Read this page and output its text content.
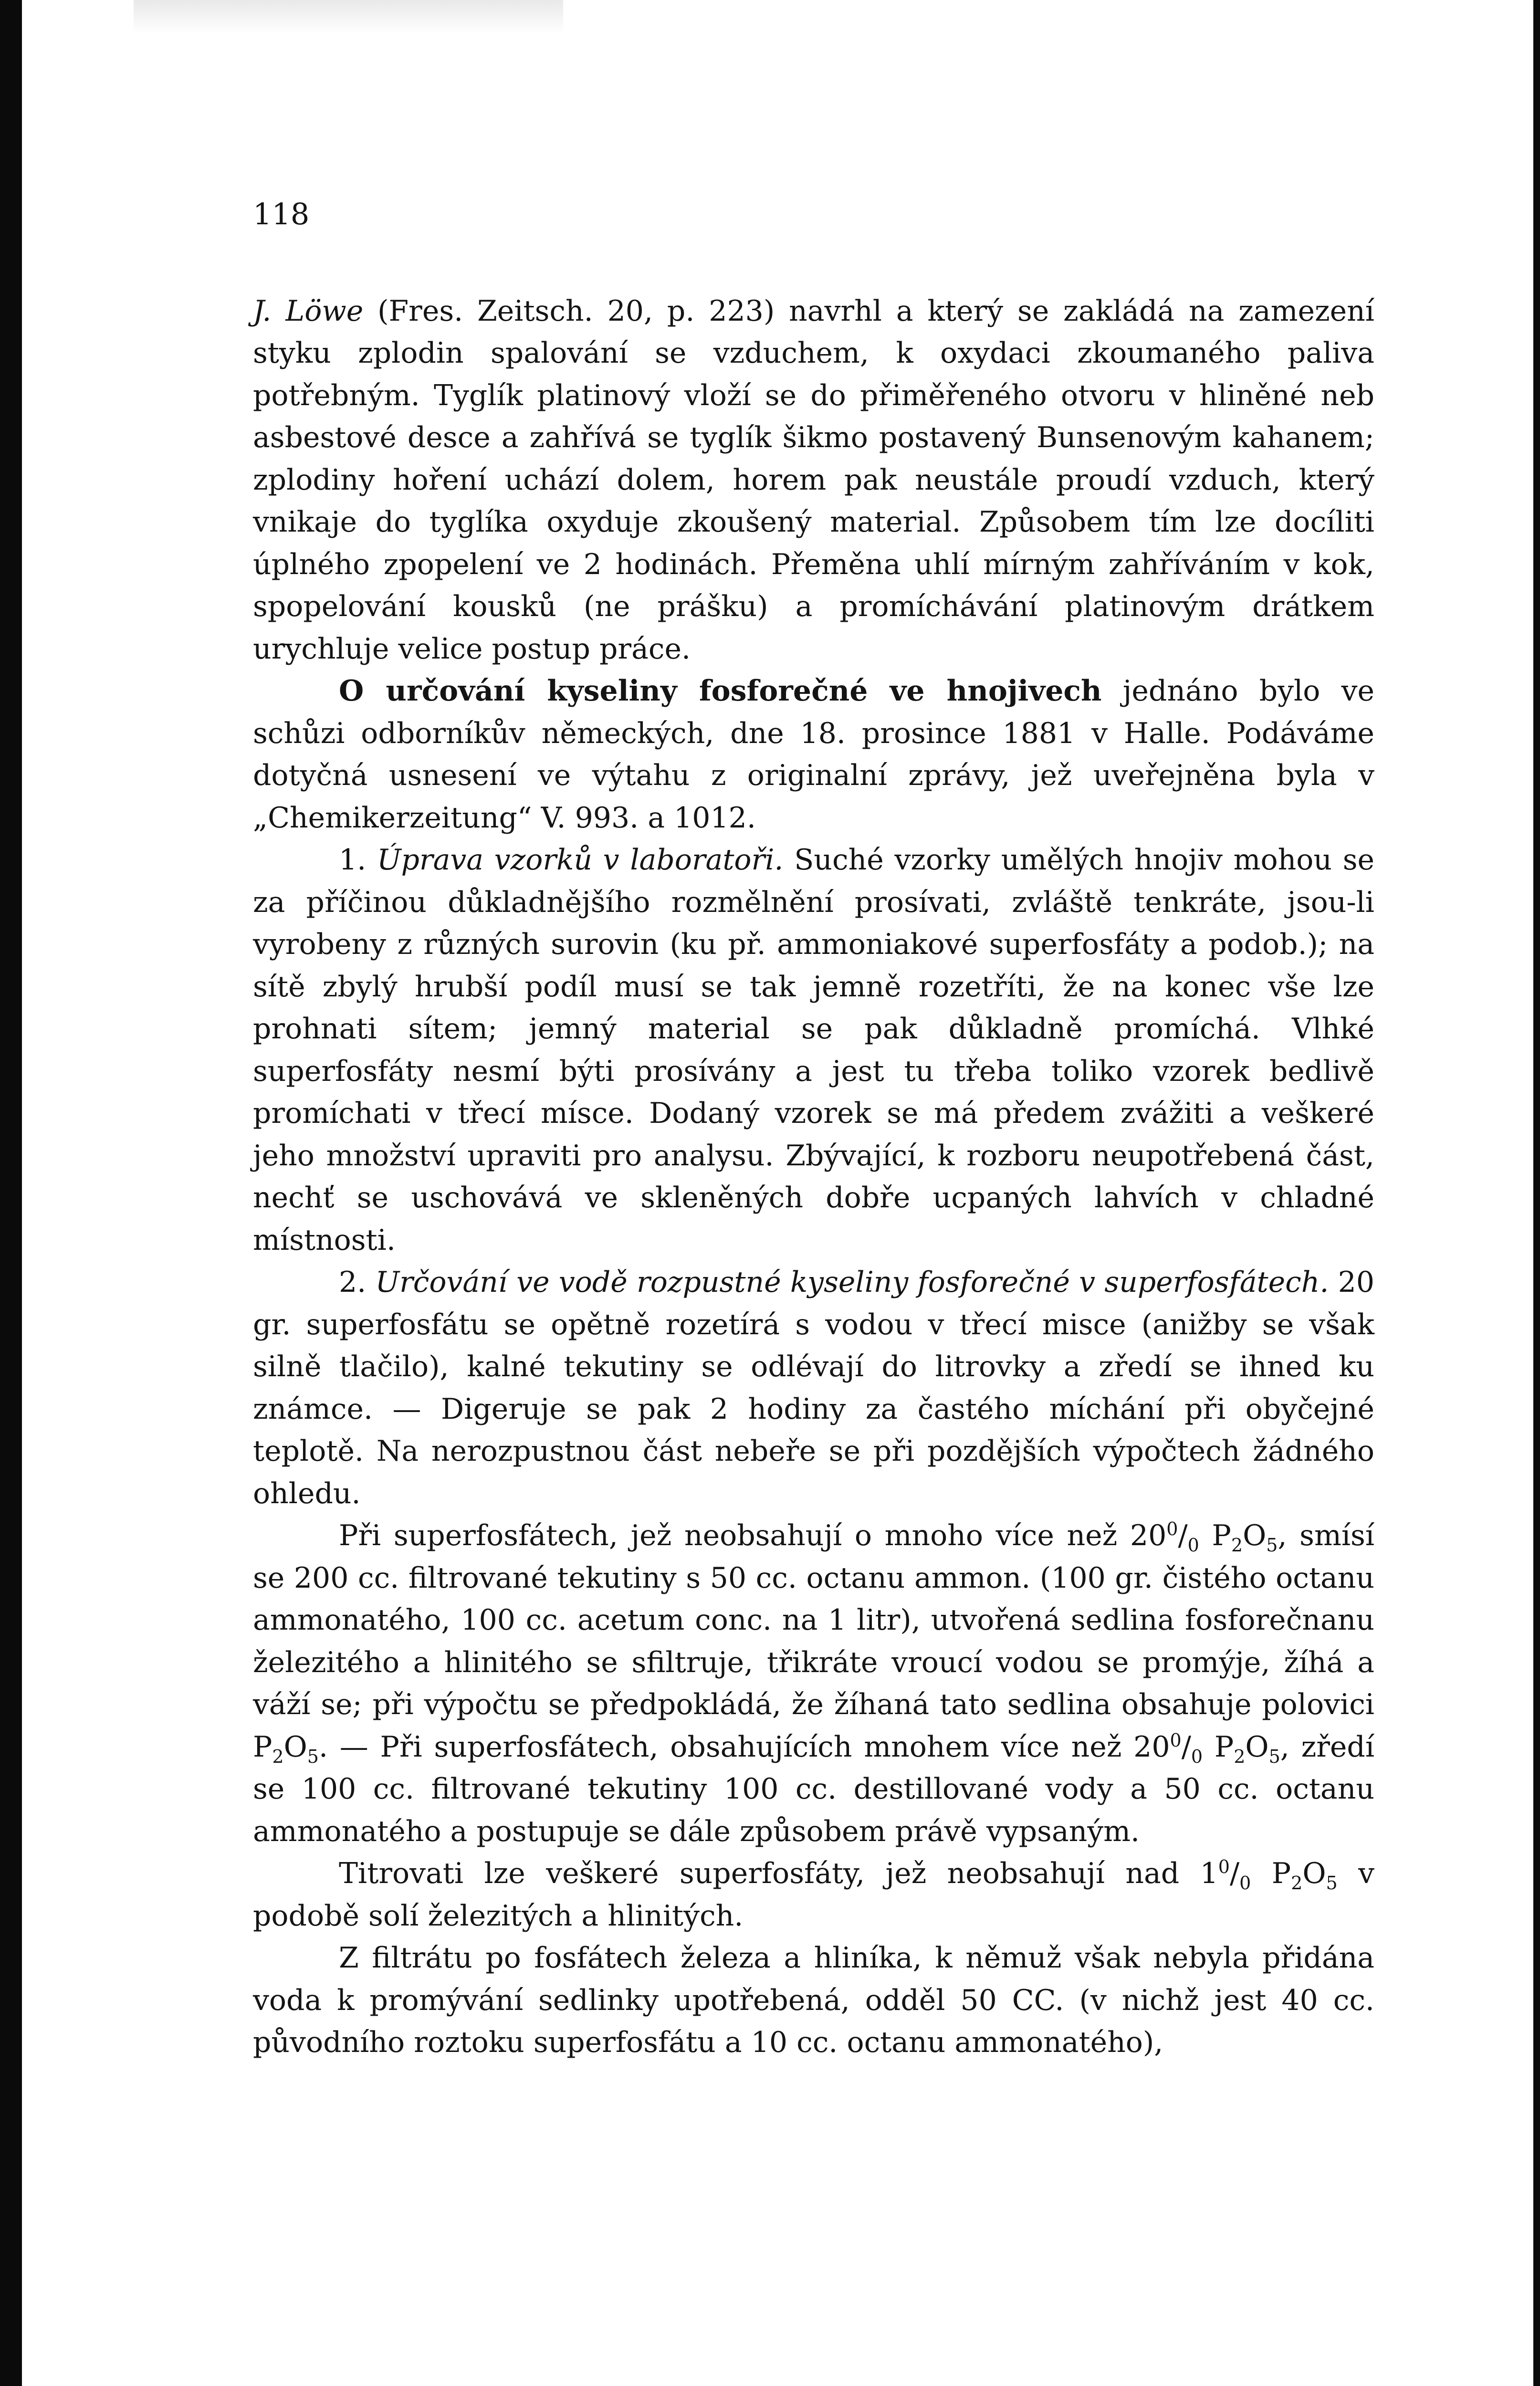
118

J. Löwe (Fres. Zeitsch. 20, p. 223) navrhl a který se zakládá na zamezení styku zplodin spalování se vzduchem, k oxydaci zkoumaného paliva potřebným. Tyglík platinový vloží se do přiměřeného otvoru v hliněné neb asbestové desce a zahřívá se tyglík šikmo postavený Bunsenovým kahanem; zplodiny hoření uchází dolem, horem pak neustále proudí vzduch, který vnikaje do tyglíka oxyduje zkoušený material. Způsobem tím lze docíliti úplného zpopelení ve 2 hodinách. Přeměna uhlí mírným zahříváním v kok, spopelování kousků (ne prášku) a promíchávání platinovým drátkem urychluje velice postup práce.

O určování kyseliny fosforečné ve hnojivech jednáno bylo ve schůzi odborníkův německých, dne 18. prosince 1881 v Halle. Podáváme dotyčná usnesení ve výtahu z originalní zprávy, jež uveřejněna byla v „Chemikerzeitung“ V. 993. a 1012.

1. Úprava vzorků v laboratoři. Suché vzorky umělých hnojiv mohou se za příčinou důkladnějšího rozmělnění prosívati, zvláště tenkráte, jsou-li vyrobeny z různých surovin (ku př. ammoniakové superfosfáty a podob.); na sítě zbylý hrubší podíl musí se tak jemně rozetříti, že na konec vše lze prohnati sítem; jemný material se pak důkladně promíchá. Vlhké superfosfáty nesmí býti prosívány a jest tu třeba toliko vzorek bedlivě promíchati v třecí mísce. Dodaný vzorek se má předem zvážiti a veškeré jeho množství upraviti pro analysu. Zbývající, k rozboru neupotřebená část, nechť se uschovává ve skleněných dobře ucpaných lahvích v chladné místnosti.

2. Určování ve vodě rozpustné kyseliny fosforečné v superfosfátech. 20 gr. superfosfátu se opětně rozetírá s vodou v třecí misce (anižby se však silně tlačilo), kalné tekutiny se odlévají do litrovky a zředí se ihned ku známce. — Digeruje se pak 2 hodiny za častého míchání při obyčejné teplotě. Na nerozpustnou část nebeře se při pozdějších výpočtech žádného ohledu.

Při superfosfátech, jež neobsahují o mnoho více než $20^0/_0$ $P_2O_5$, smísí se 200 cc. filtrované tekutiny s 50 cc. octanu ammon. (100 gr. čistého octanu ammonatého, 100 cc. acetum conc. na 1 litr), utvořená sedlina fosforečnanu železitého a hlinitého se sfiltruje, třikráte vroucí vodou se promýje, žíhá a váží se; při výpočtu se předpokládá, že žíhaná tato sedlina obsahuje polovici $P_2O_5$. — Při superfosfátech, obsahujících mnohem více než $20^0/_0$ $P_2O_5$, zředí se 100 cc. filtrované tekutiny 100 cc. destillované vody a 50 cc. octanu ammonatého a postupuje se dále způsobem právě vypsaným.

Titrovati lze veškeré superfosfáty, jež neobsahují nad $1^0/_0$ $P_2O_5$ v podobě solí železitých a hlinitých.

Z filtrátu po fosfátech železa a hliníka, k němuž však nebyla přidána voda k promývání sedlinky upotřebená, odděl 50 CC. (v nichž jest 40 cc. původního roztoku superfosfátu a 10 cc. octanu ammonatého),
